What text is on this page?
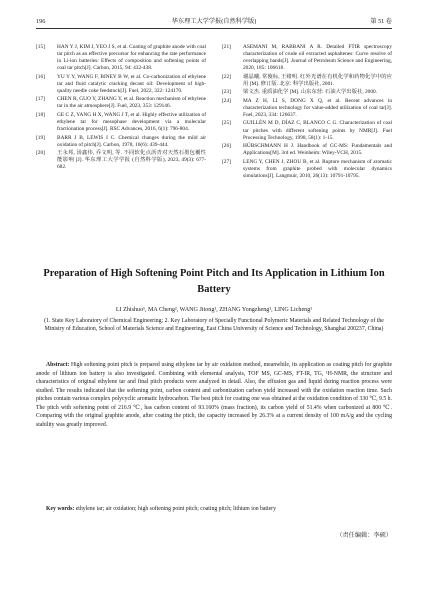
196	华东理工大学学报(自然科学版)	第 51 卷
[15] HAN Y J, KIM J, YEO J S, et al. Coating of graphite anode with coal tar pitch as an effective precursor for enhancing the rate performance in Li-ion batteries: Effects of composition and softening points of coal tar pitch[J]. Carbon, 2015, 94: 432-438.
[16] YU Y Y, WANG F, BINEY B W, et al. Co-carbonization of ethylene tar and fluid catalytic cracking decant oil: Development of high-quality needle coke feedstock[J]. Fuel, 2022, 322: 124170.
[17] CHEN R, GUO Y, ZHANG Y, et al. Reaction mechanism of ethylene tar in the air atmosphere[J]. Fuel, 2023, 353: 129146.
[18] GE C Z, YANG H X, WANG J T, et al. Highly effective utilization of ethylene tar for mesophase development via a molecular fractionation process[J]. RSC Advances, 2016, 6(1): 796-804.
[19] BARR J B, LEWIS I C. Chemical changes during the mild air oxidation of pitch[J]. Carbon, 1978, 16(6): 439-444.
[20] 王永邦, 汤鑫伟, 乔文明, 等. 不同软化点沥青对天然石墨包覆性能影响 [J]. 华东理工大学学报 (自然科学版), 2023, 49(3): 677-682.
[21] ASEMANI M, RABBANI A R. Detailed FTIR spectroscopy characterization of crude oil extracted asphaltenes: Curve resolve of overlapping bands[J]. Journal of Petroleum Science and Engineering, 2020, 185: 106618.
[22] 谢晶曦, 常俊标, 王绪明. 红外光谱在有机化学和药物化学中的应用 [M]. 修订版. 北京: 科学出版社, 2001.
[23] 梁文杰. 重质油化学 [M]. 山东东营: 石油大学出版社, 2000.
[24] MA Z H, LI S, DONG X Q, et al. Recent advances in characterization technology for value-added utilization of coal tar[J]. Fuel, 2023, 334: 126637.
[25] GUILLÉN M D, DÍAZ C, BLANCO C G. Characterization of coal tar pitches with different softening points by NMR[J]. Fuel Processing Technology, 1998, 58(1): 1-15.
[26] HÜBSCHMANN H J. Handbook of GC-MS: Fundamentals and Applications[M]. 3rd ed. Weinheim: Wiley-VCH, 2015.
[27] LENG Y, CHEN J, ZHOU B, et al. Rupture mechanism of aromatic systems from graphite probed with molecular dynamics simulations[J]. Langmuir, 2010, 26(13): 10791-10795.
Preparation of High Softening Point Pitch and Its Application in Lithium Ion Battery
LI Zhishuo¹, MA Cheng², WANG Jitong¹, ZHANG Yongzheng¹, LING Licheng¹
(1. State Key Laboratory of Chemical Engineering; 2. Key Laboratory of Specially Functional Polymeric Materials and Related Technology of the Ministry of Education, School of Materials Science and Engineering, East China University of Science and Technology, Shanghai 200237, China)
Abstract: High softening point pitch is prepared using ethylene tar by air oxidation method, meanwhile, its application as coating pitch for graphite anode of lithium ion battery is also investigated. Combining with elemental analysis, TOF MS, GC-MS, FT-IR, TG, ¹H-NMR, the structure and characteristics of original ethylene tar and final pitch products were analyzed in detail. Also, the effusion gas and liquid during reaction process were studied. The results indicated that the softening point, carbon content and carbonization carbon yield increased with the oxidation reaction time. Such pitches contain various complex polycyclic aromatic hydrocarbon. The best pitch for coating one was obtained at the oxidation condition of 330 ℃, 9.5 h. The pitch with softening point of 216.9 ℃, has carbon content of 93.160% (mass fraction), its carbon yield of 51.4% when carbonized at 800 ℃. Comparing with the original graphite anode, after coating the pitch, the capacity increased by 26.3% at a current density of 100 mA/g and the cycling stability was greatly improved.
Key words: ethylene tar; air oxidation; high softening point pitch; coating pitch; lithium ion battery
（责任编辑：李硕）
